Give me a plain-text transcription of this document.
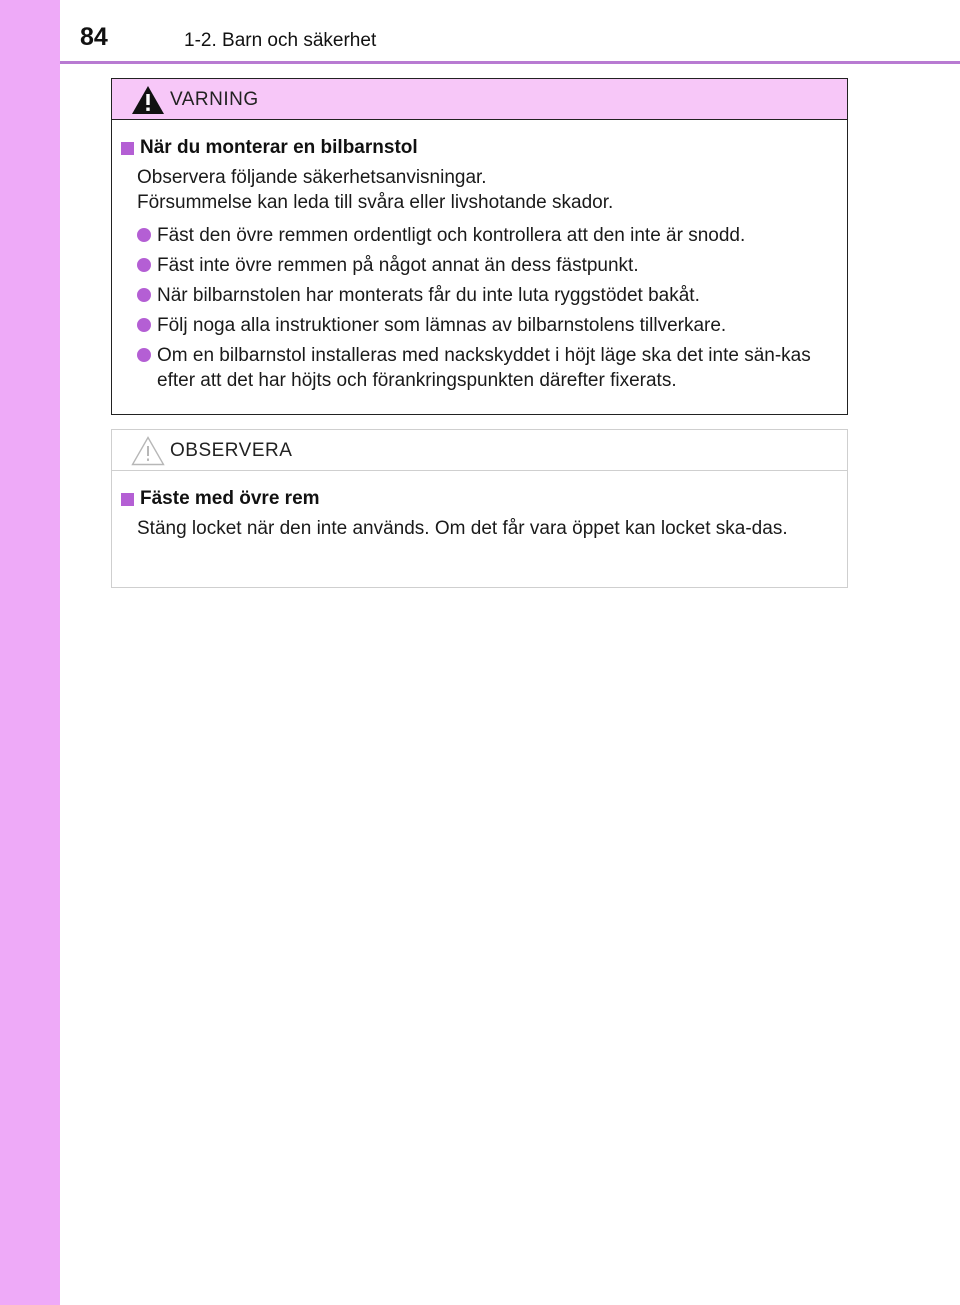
84	1-2. Barn och säkerhet
VARNING
När du monterar en bilbarnstol
Observera följande säkerhetsanvisningar.
Försummelse kan leda till svåra eller livshotande skador.
Fäst den övre remmen ordentligt och kontrollera att den inte är snodd.
Fäst inte övre remmen på något annat än dess fästpunkt.
När bilbarnstolen har monterats får du inte luta ryggstödet bakåt.
Följ noga alla instruktioner som lämnas av bilbarnstolens tillverkare.
Om en bilbarnstol installeras med nackskyddet i höjt läge ska det inte sän-kas efter att det har höjts och förankringspunkten därefter fixerats.
OBSERVERA
Fäste med övre rem
Stäng locket när den inte används. Om det får vara öppet kan locket ska-das.
